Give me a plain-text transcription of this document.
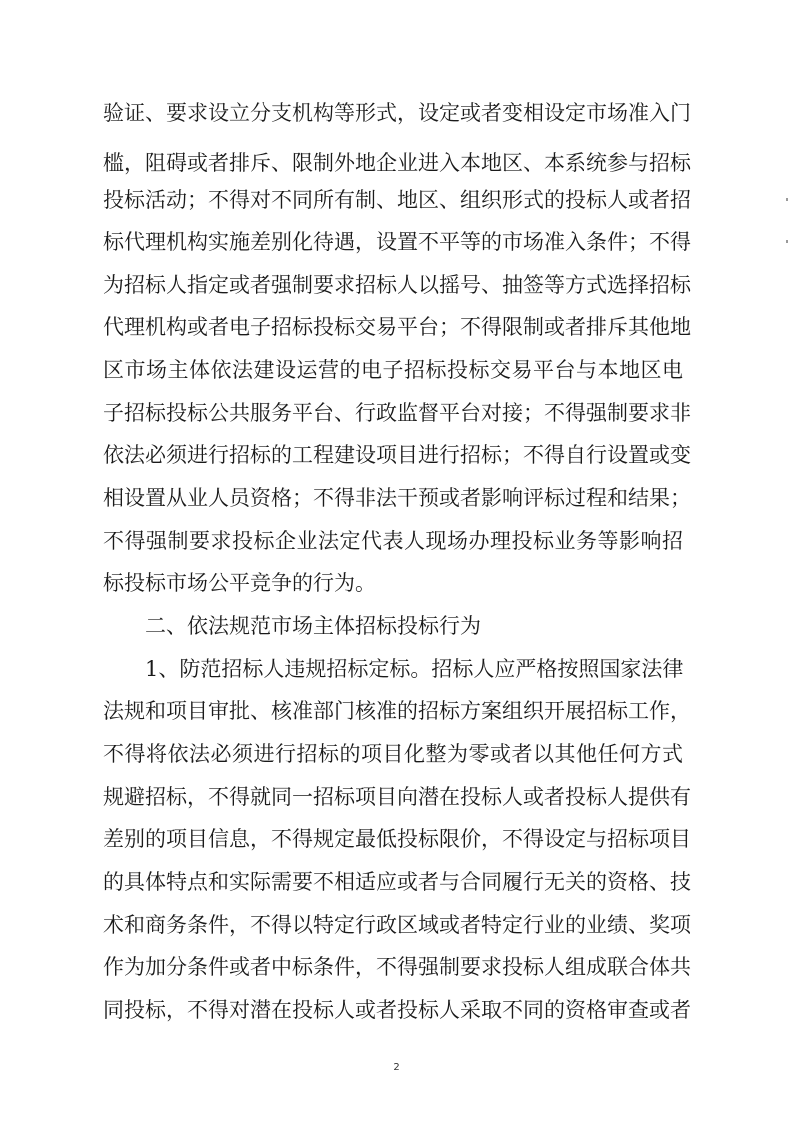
验证、要求设立分支机构等形式，设定或者变相设定市场准入门
槛，阻碍或者排斥、限制外地企业进入本地区、本系统参与招标
投标活动；不得对不同所有制、地区、组织形式的投标人或者招
标代理机构实施差别化待遇，设置不平等的市场准入条件；不得
为招标人指定或者强制要求招标人以摇号、抽签等方式选择招标
代理机构或者电子招标投标交易平台；不得限制或者排斥其他地
区市场主体依法建设运营的电子招标投标交易平台与本地区电
子招标投标公共服务平台、行政监督平台对接；不得强制要求非
依法必须进行招标的工程建设项目进行招标；不得自行设置或变
相设置从业人员资格；不得非法干预或者影响评标过程和结果；
不得强制要求投标企业法定代表人现场办理投标业务等影响招
标投标市场公平竞争的行为。
二、依法规范市场主体招标投标行为
1、防范招标人违规招标定标。招标人应严格按照国家法律
法规和项目审批、核准部门核准的招标方案组织开展招标工作，
不得将依法必须进行招标的项目化整为零或者以其他任何方式
规避招标，不得就同一招标项目向潜在投标人或者投标人提供有
差别的项目信息，不得规定最低投标限价，不得设定与招标项目
的具体特点和实际需要不相适应或者与合同履行无关的资格、技
术和商务条件，不得以特定行政区域或者特定行业的业绩、奖项
作为加分条件或者中标条件，不得强制要求投标人组成联合体共
同投标，不得对潜在投标人或者投标人采取不同的资格审查或者
2
